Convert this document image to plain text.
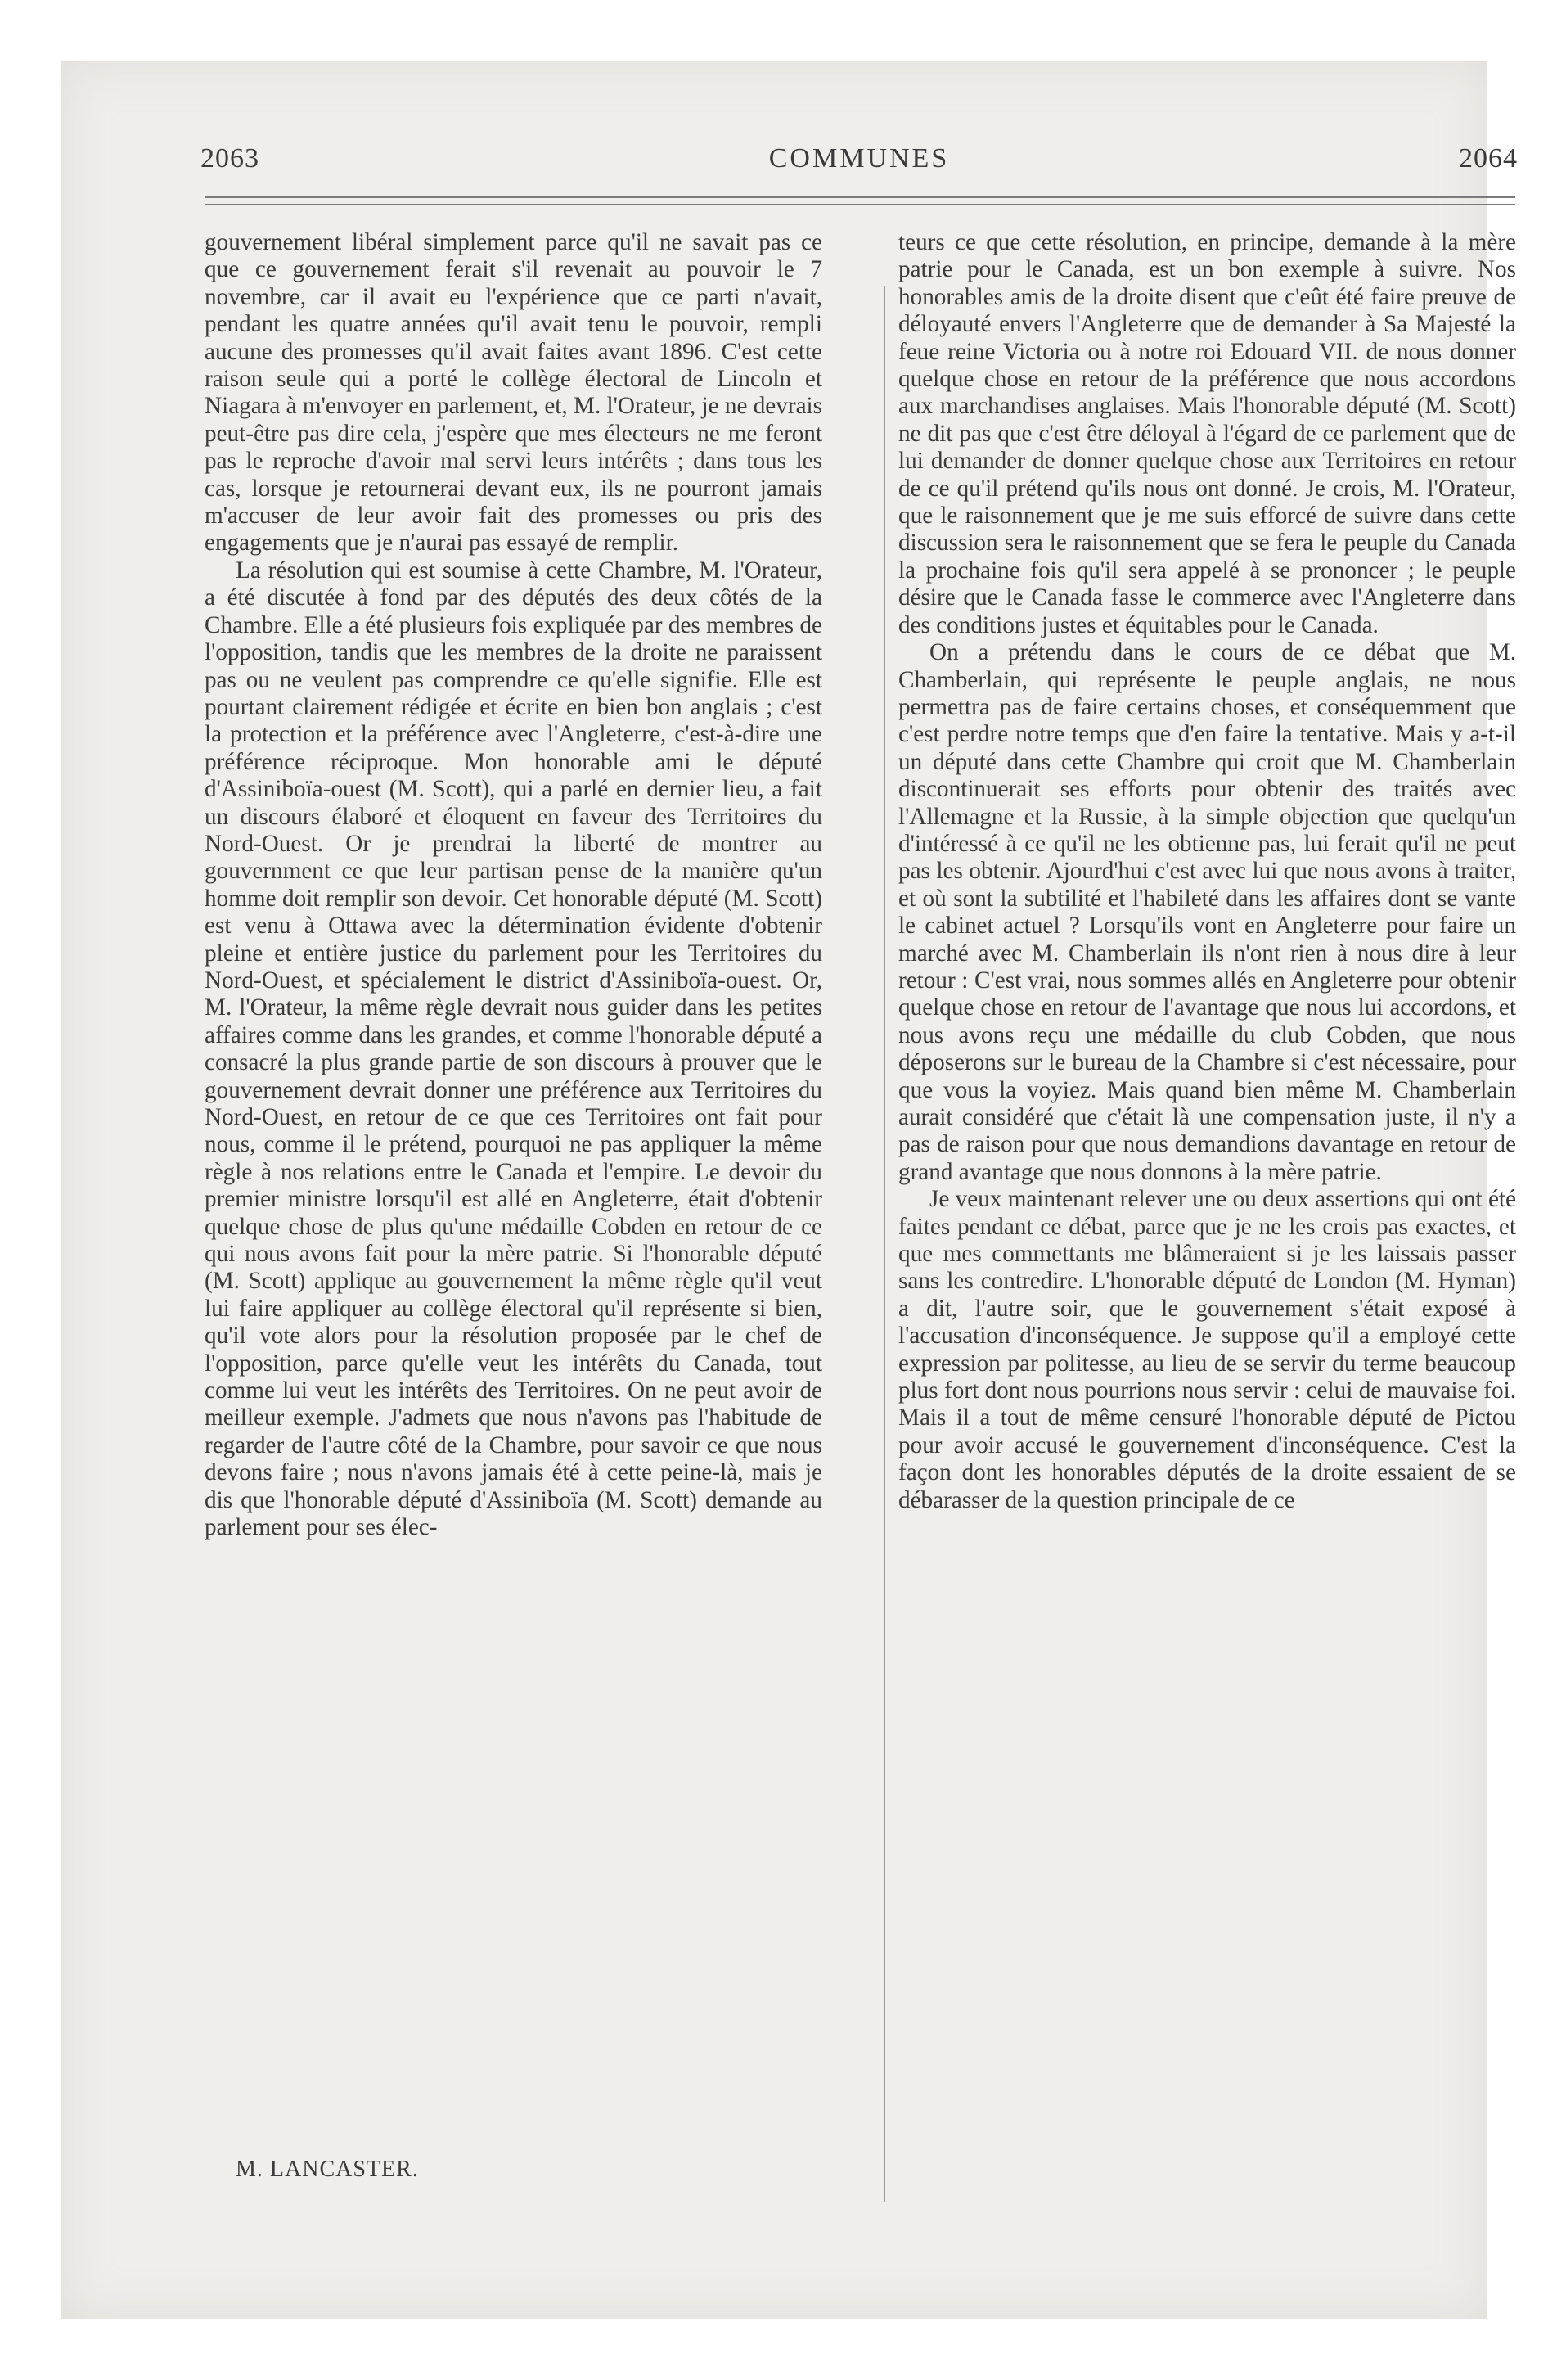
2063	COMMUNES	2064

gouvernement libéral simplement parce qu'il ne savait pas ce que ce gouvernement ferait s'il revenait au pouvoir le 7 novembre, car il avait eu l'expérience que ce parti n'avait, pendant les quatre années qu'il avait tenu le pouvoir, rempli aucune des promesses qu'il avait faites avant 1896. C'est cette raison seule qui a porté le collège électoral de Lincoln et Niagara à m'envoyer en parlement, et, M. l'Orateur, je ne devrais peut-être pas dire cela, j'espère que mes électeurs ne me feront pas le reproche d'avoir mal servi leurs intérêts ; dans tous les cas, lorsque je retournerai devant eux, ils ne pourront jamais m'accuser de leur avoir fait des promesses ou pris des engagements que je n'aurai pas essayé de remplir.

La résolution qui est soumise à cette Chambre, M. l'Orateur, a été discutée à fond par des députés des deux côtés de la Chambre. Elle a été plusieurs fois expliquée par des membres de l'opposition, tandis que les membres de la droite ne paraissent pas ou ne veulent pas comprendre ce qu'elle signifie. Elle est pourtant clairement rédigée et écrite en bien bon anglais ; c'est la protection et la préférence avec l'Angleterre, c'est-à-dire une préférence réciproque. Mon honorable ami le député d'Assiniboïa-ouest (M. Scott), qui a parlé en dernier lieu, a fait un discours élaboré et éloquent en faveur des Territoires du Nord-Ouest. Or je prendrai la liberté de montrer au gouvernment ce que leur partisan pense de la manière qu'un homme doit remplir son devoir. Cet honorable député (M. Scott) est venu à Ottawa avec la détermination évidente d'obtenir pleine et entière justice du parlement pour les Territoires du Nord-Ouest, et spécialement le district d'Assiniboïa-ouest. Or, M. l'Orateur, la même règle devrait nous guider dans les petites affaires comme dans les grandes, et comme l'honorable député a consacré la plus grande partie de son discours à prouver que le gouvernement devrait donner une préférence aux Territoires du Nord-Ouest, en retour de ce que ces Territoires ont fait pour nous, comme il le prétend, pourquoi ne pas appliquer la même règle à nos relations entre le Canada et l'empire. Le devoir du premier ministre lorsqu'il est allé en Angleterre, était d'obtenir quelque chose de plus qu'une médaille Cobden en retour de ce qui nous avons fait pour la mère patrie. Si l'honorable député (M. Scott) applique au gouvernement la même règle qu'il veut lui faire appliquer au collège électoral qu'il représente si bien, qu'il vote alors pour la résolution proposée par le chef de l'opposition, parce qu'elle veut les intérêts du Canada, tout comme lui veut les intérêts des Territoires. On ne peut avoir de meilleur exemple. J'admets que nous n'avons pas l'habitude de regarder de l'autre côté de la Chambre, pour savoir ce que nous devons faire ; nous n'avons jamais été à cette peine-là, mais je dis que l'honorable député d'Assiniboïa (M. Scott) demande au parlement pour ses élec-

teurs ce que cette résolution, en principe, demande à la mère patrie pour le Canada, est un bon exemple à suivre. Nos honorables amis de la droite disent que c'eût été faire preuve de déloyauté envers l'Angleterre que de demander à Sa Majesté la feue reine Victoria ou à notre roi Edouard VII. de nous donner quelque chose en retour de la préférence que nous accordons aux marchandises anglaises. Mais l'honorable député (M. Scott) ne dit pas que c'est être déloyal à l'égard de ce parlement que de lui demander de donner quelque chose aux Territoires en retour de ce qu'il prétend qu'ils nous ont donné. Je crois, M. l'Orateur, que le raisonnement que je me suis efforcé de suivre dans cette discussion sera le raisonnement que se fera le peuple du Canada la prochaine fois qu'il sera appelé à se prononcer ; le peuple désire que le Canada fasse le commerce avec l'Angleterre dans des conditions justes et équitables pour le Canada.

On a prétendu dans le cours de ce débat que M. Chamberlain, qui représente le peuple anglais, ne nous permettra pas de faire certains choses, et conséquemment que c'est perdre notre temps que d'en faire la tentative. Mais y a-t-il un député dans cette Chambre qui croit que M. Chamberlain discontinuerait ses efforts pour obtenir des traités avec l'Allemagne et la Russie, à la simple objection que quelqu'un d'intéressé à ce qu'il ne les obtienne pas, lui ferait qu'il ne peut pas les obtenir. Ajourd'hui c'est avec lui que nous avons à traiter, et où sont la subtilité et l'habileté dans les affaires dont se vante le cabinet actuel ? Lorsqu'ils vont en Angleterre pour faire un marché avec M. Chamberlain ils n'ont rien à nous dire à leur retour : C'est vrai, nous sommes allés en Angleterre pour obtenir quelque chose en retour de l'avantage que nous lui accordons, et nous avons reçu une médaille du club Cobden, que nous déposerons sur le bureau de la Chambre si c'est nécessaire, pour que vous la voyiez. Mais quand bien même M. Chamberlain aurait considéré que c'était là une compensation juste, il n'y a pas de raison pour que nous demandions davantage en retour de grand avantage que nous donnons à la mère patrie.

Je veux maintenant relever une ou deux assertions qui ont été faites pendant ce débat, parce que je ne les crois pas exactes, et que mes commettants me blâmeraient si je les laissais passer sans les contredire. L'honorable député de London (M. Hyman) a dit, l'autre soir, que le gouvernement s'était exposé à l'accusation d'inconséquence. Je suppose qu'il a employé cette expression par politesse, au lieu de se servir du terme beaucoup plus fort dont nous pourrions nous servir : celui de mauvaise foi. Mais il a tout de même censuré l'honorable député de Pictou pour avoir accusé le gouvernement d'inconséquence. C'est la façon dont les honorables députés de la droite essaient de se débarasser de la question principale de ce

M. LANCASTER.
